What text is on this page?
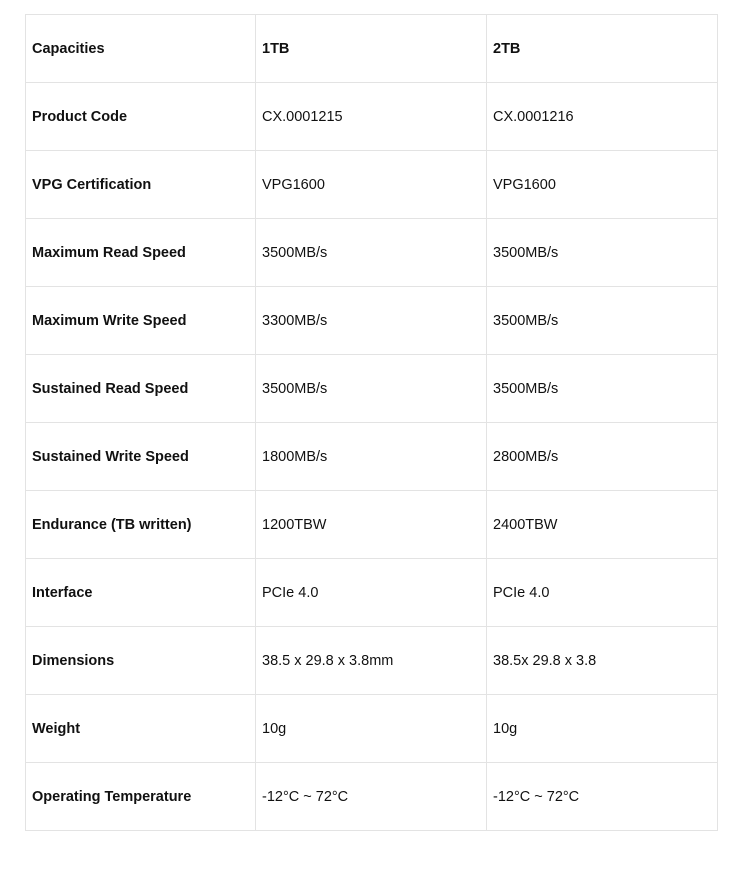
Capacities	1TB	2TB
Product Code	CX.0001215	CX.0001216
VPG Certification	VPG1600	VPG1600
Maximum Read Speed	3500MB/s	3500MB/s
Maximum Write Speed	3300MB/s	3500MB/s
Sustained Read Speed	3500MB/s	3500MB/s
Sustained Write Speed	1800MB/s	2800MB/s
Endurance (TB written)	1200TBW	2400TBW
Interface	PCIe 4.0	PCIe 4.0
Dimensions	38.5 x 29.8 x 3.8mm	38.5x 29.8 x 3.8
Weight	10g	10g
Operating Temperature	-12°C ~ 72°C	-12°C ~ 72°C
